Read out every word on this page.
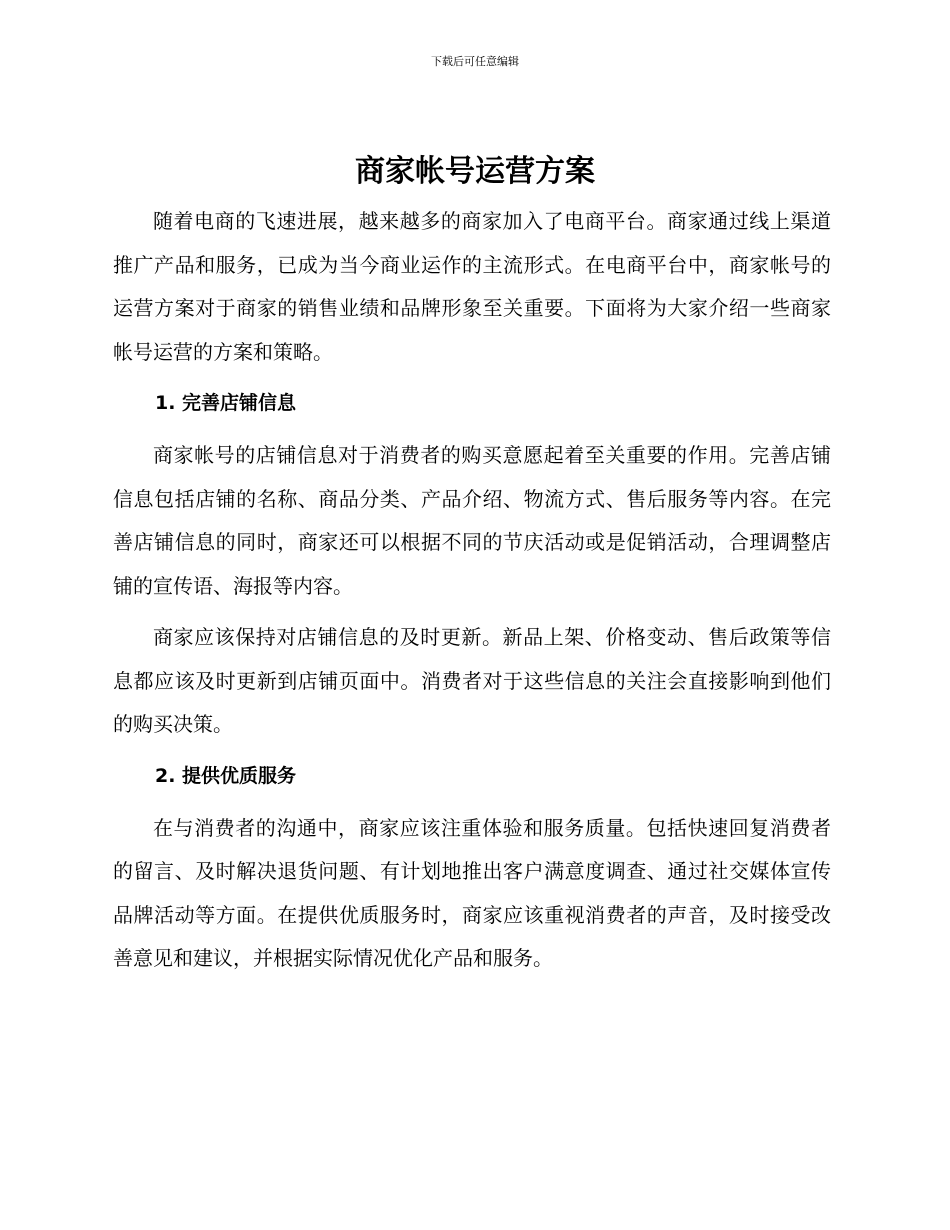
下载后可任意编辑
商家帐号运营方案

随着电商的飞速进展，越来越多的商家加入了电商平台。商家通过线上渠道推广产品和服务，已成为当今商业运作的主流形式。在电商平台中，商家帐号的运营方案对于商家的销售业绩和品牌形象至关重要。下面将为大家介绍一些商家帐号运营的方案和策略。

1. 完善店铺信息

商家帐号的店铺信息对于消费者的购买意愿起着至关重要的作用。完善店铺信息包括店铺的名称、商品分类、产品介绍、物流方式、售后服务等内容。在完善店铺信息的同时，商家还可以根据不同的节庆活动或是促销活动，合理调整店铺的宣传语、海报等内容。

商家应该保持对店铺信息的及时更新。新品上架、价格变动、售后政策等信息都应该及时更新到店铺页面中。消费者对于这些信息的关注会直接影响到他们的购买决策。

2. 提供优质服务

在与消费者的沟通中，商家应该注重体验和服务质量。包括快速回复消费者的留言、及时解决退货问题、有计划地推出客户满意度调查、通过社交媒体宣传品牌活动等方面。在提供优质服务时，商家应该重视消费者的声音，及时接受改善意见和建议，并根据实际情况优化产品和服务。
